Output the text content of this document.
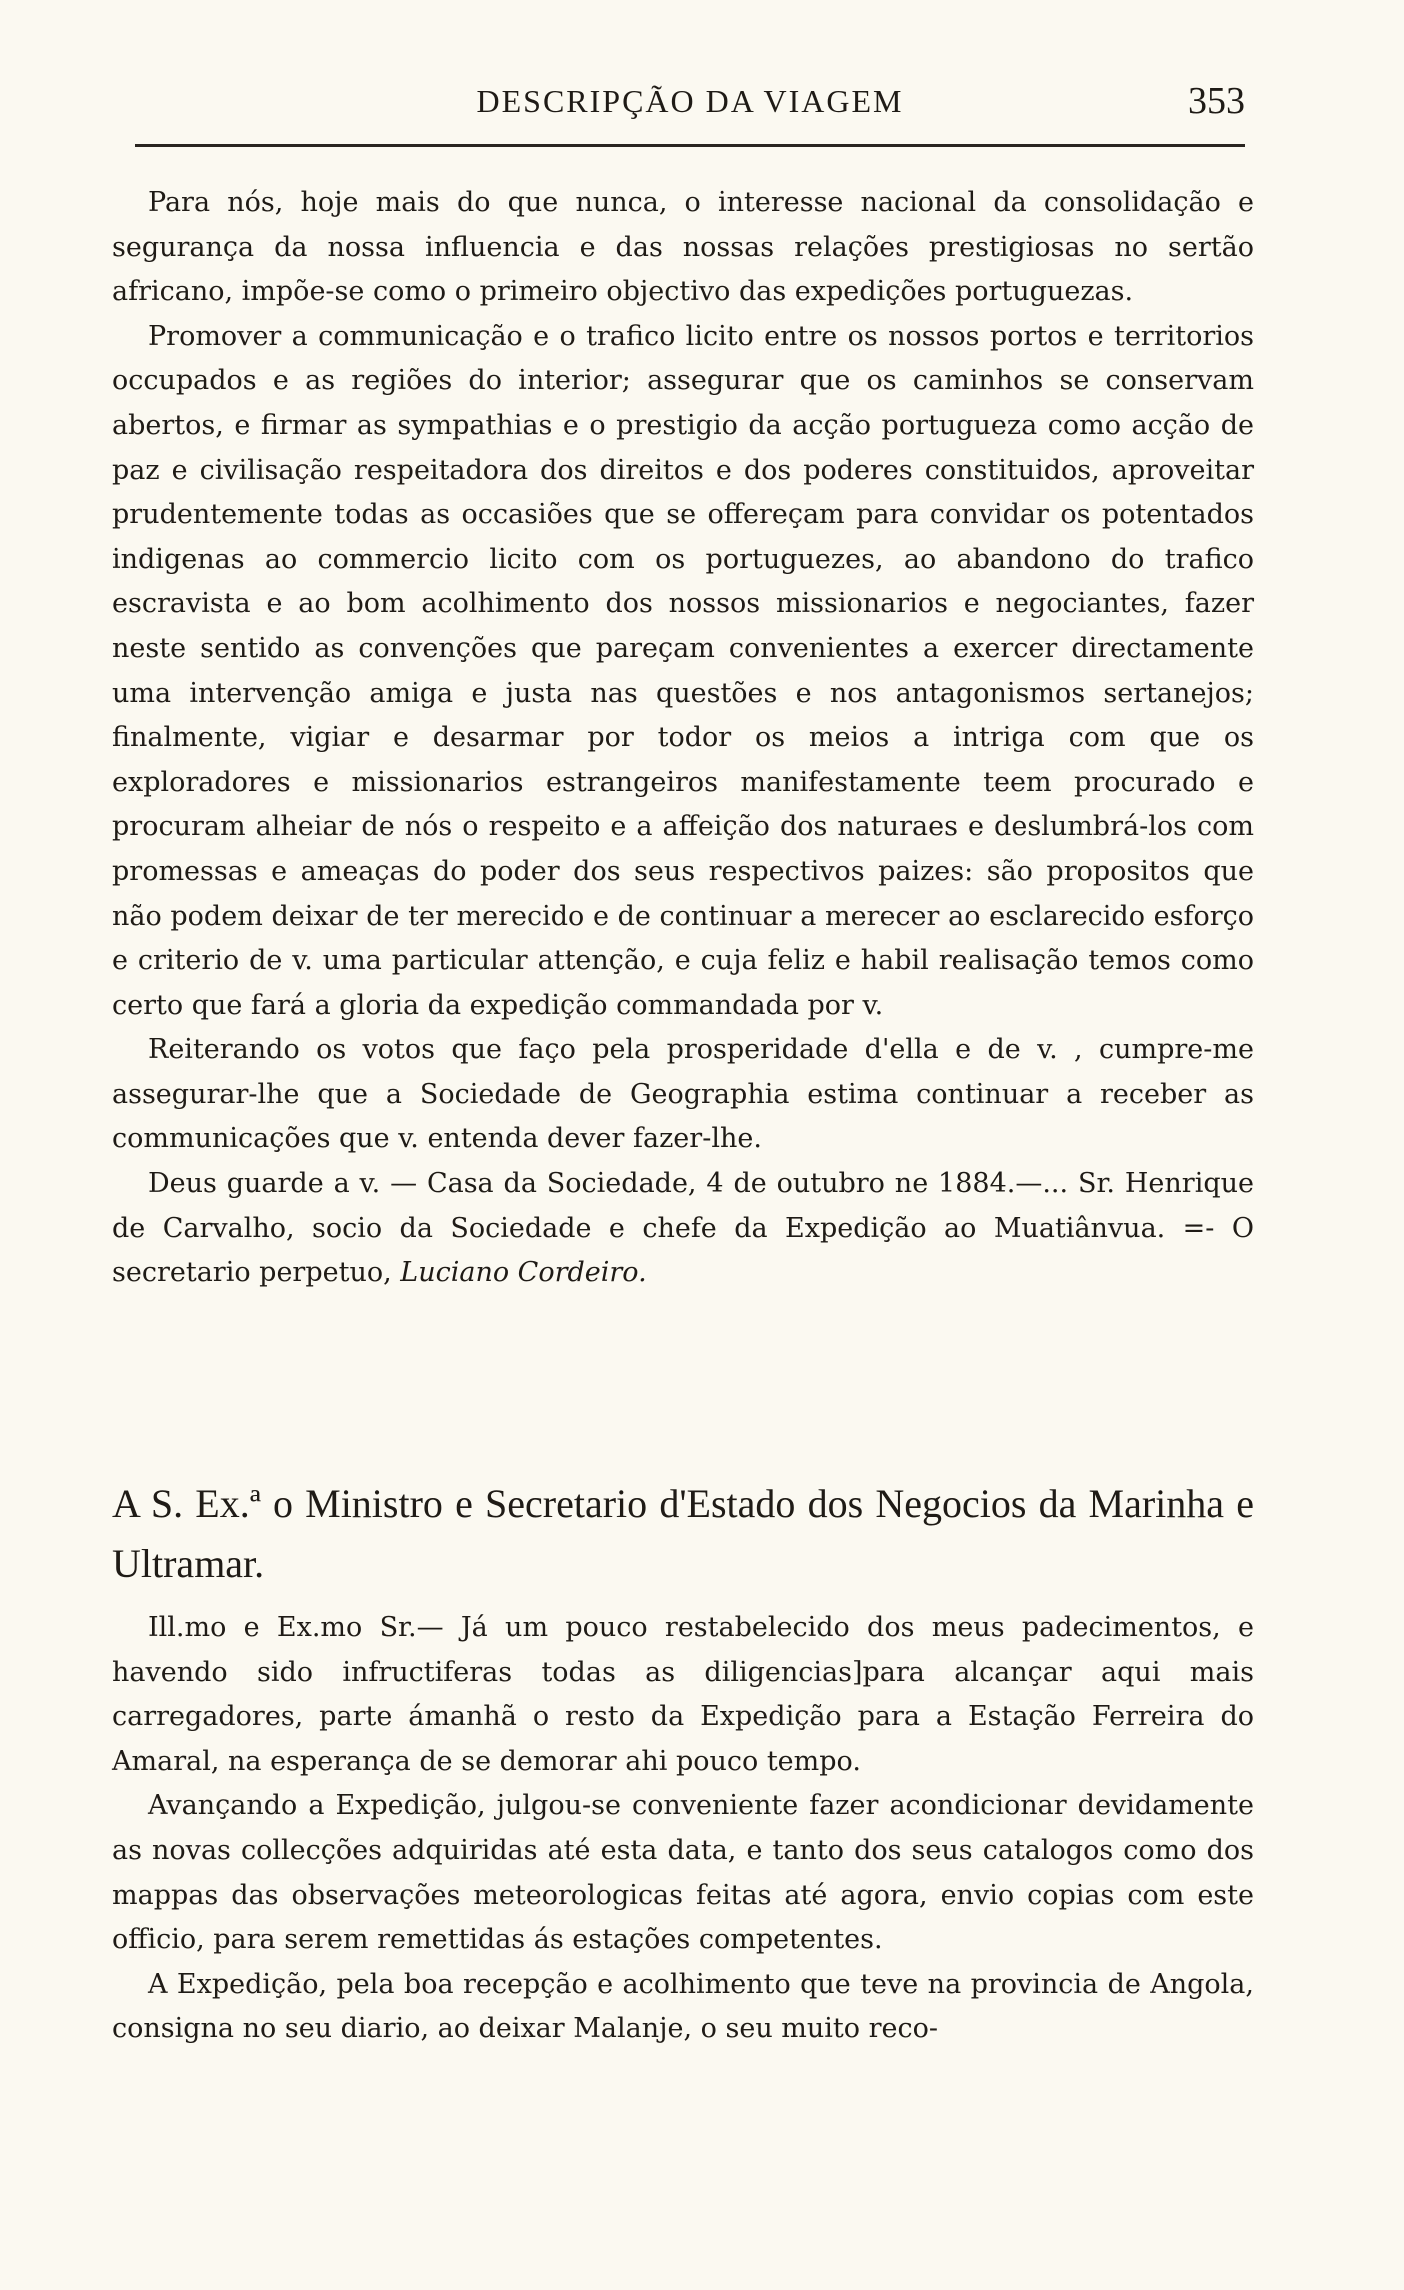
DESCRIPÇÃO DA VIAGEM	353

Para nós, hoje mais do que nunca, o interesse nacional da consolidação e segurança da nossa influencia e das nossas relações prestigiosas no sertão africano, impõe-se como o primeiro objectivo das expedições portuguezas.

Promover a communicação e o trafico licito entre os nossos portos e territorios occupados e as regiões do interior; assegurar que os caminhos se conservam abertos, e firmar as sympathias e o prestigio da acção portugueza como acção de paz e civilisação respeitadora dos direitos e dos poderes constituidos, aproveitar prudentemente todas as occasiões que se offereçam para convidar os potentados indigenas ao commercio licito com os portuguezes, ao abandono do trafico escravista e ao bom acolhimento dos nossos missionarios e negociantes, fazer neste sentido as convenções que pareçam convenientes a exercer directamente uma intervenção amiga e justa nas questões e nos antagonismos sertanejos; finalmente, vigiar e desarmar por todor os meios a intriga com que os exploradores e missionarios estrangeiros manifestamente teem procurado e procuram alheiar de nós o respeito e a affeição dos naturaes e deslumbrá-los com promessas e ameaças do poder dos seus respectivos paizes: são propositos que não podem deixar de ter merecido e de continuar a merecer ao esclarecido esforço e criterio de v. uma particular attenção, e cuja feliz e habil realisação temos como certo que fará a gloria da expedição commandada por v.

Reiterando os votos que faço pela prosperidade d'ella e de v. , cumpre-me assegurar-lhe que a Sociedade de Geographia estima continuar a receber as communicações que v. entenda dever fazer-lhe.

Deus guarde a v. — Casa da Sociedade, 4 de outubro ne 1884.—... Sr. Henrique de Carvalho, socio da Sociedade e chefe da Expedição ao Muatiânvua. =- O secretario perpetuo, Luciano Cordeiro.

A S. Ex.ª o Ministro e Secretario d'Estado dos Negocios da Marinha e Ultramar.

Ill.mo e Ex.mo Sr.— Já um pouco restabelecido dos meus padecimentos, e havendo sido infructiferas todas as diligencias]para alcançar aqui mais carregadores, parte ámanhã o resto da Expedição para a Estação Ferreira do Amaral, na esperança de se demorar ahi pouco tempo.

Avançando a Expedição, julgou-se conveniente fazer acondicionar devidamente as novas collecções adquiridas até esta data, e tanto dos seus catalogos como dos mappas das observações meteorologicas feitas até agora, envio copias com este officio, para serem remettidas ás estações competentes.

A Expedição, pela boa recepção e acolhimento que teve na provincia de Angola, consigna no seu diario, ao deixar Malanje, o seu muito reco-
